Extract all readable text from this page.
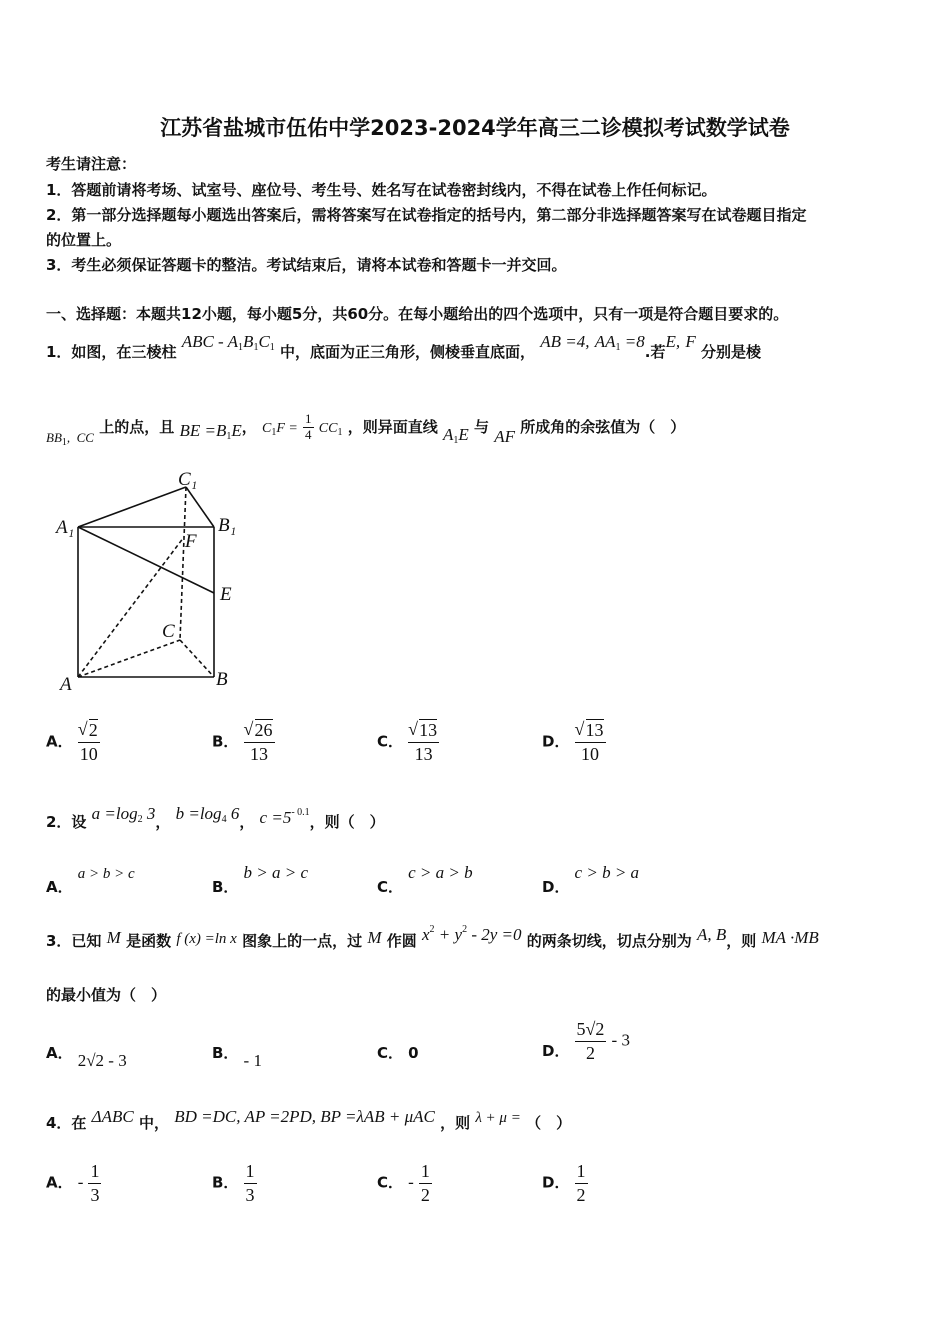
江苏省盐城市伍佑中学2023-2024学年高三二诊模拟考试数学试卷
考生请注意：
1．答题前请将考场、试室号、座位号、考生号、姓名写在试卷密封线内，不得在试卷上作任何标记。
2．第一部分选择题每小题选出答案后，需将答案写在试卷指定的括号内，第二部分非选择题答案写在试卷题目指定
的位置上。
3．考生必须保证答题卡的整洁。考试结束后，请将本试卷和答题卡一并交回。
一、选择题：本题共12小题，每小题5分，共60分。在每小题给出的四个选项中，只有一项是符合题目要求的。
1．如图，在三棱柱 ABC - $A_1B_1C_1$ 中，底面为正三角形，侧棱垂直底面， AB =4, $AA_1 =8$.若E, F 分别是棱
$BB_1$,  CC 上的点，且 BE $=B_1E$， $C_1F = \frac{1}{4} CC_1$ ，则异面直线 $A_1E$ 与 AF 所成角的余弦值为（　）
C₁
A₁	B₁
F
E
C
A	B
A． √ $\frac{2}{10}$	B． √ $\frac{26}{13}$	C． √ $\frac{13}{13}$	D． √ $\frac{13}{10}$
2．设 $a =\log_2$ 3， $b =\log_4$ 6， $c =5^{- 0.1}$，则（　）
A． a > b > c
B． b > a > c
C． c > a > b
D． c > b > a
3．已知 M 是函数 f (x) =ln x 图象上的一点，过 M 作圆 $x^2 + y^2 - 2y =0$ 的两条切线，切点分别为 A, B，则 MA ·MB
的最小值为（　）
A． 2√2 - 3	B． - 1	C． 0	D． $\frac{5√2}{2} - 3$
4．在 ΔABC 中， BD =DC, AP =2PD, BP =λAB + μAC ，则 λ + μ = （　）
A． - $\frac{1}{3}$	B． $\frac{1}{3}$	C． - $\frac{1}{2}$	D． $\frac{1}{2}$
